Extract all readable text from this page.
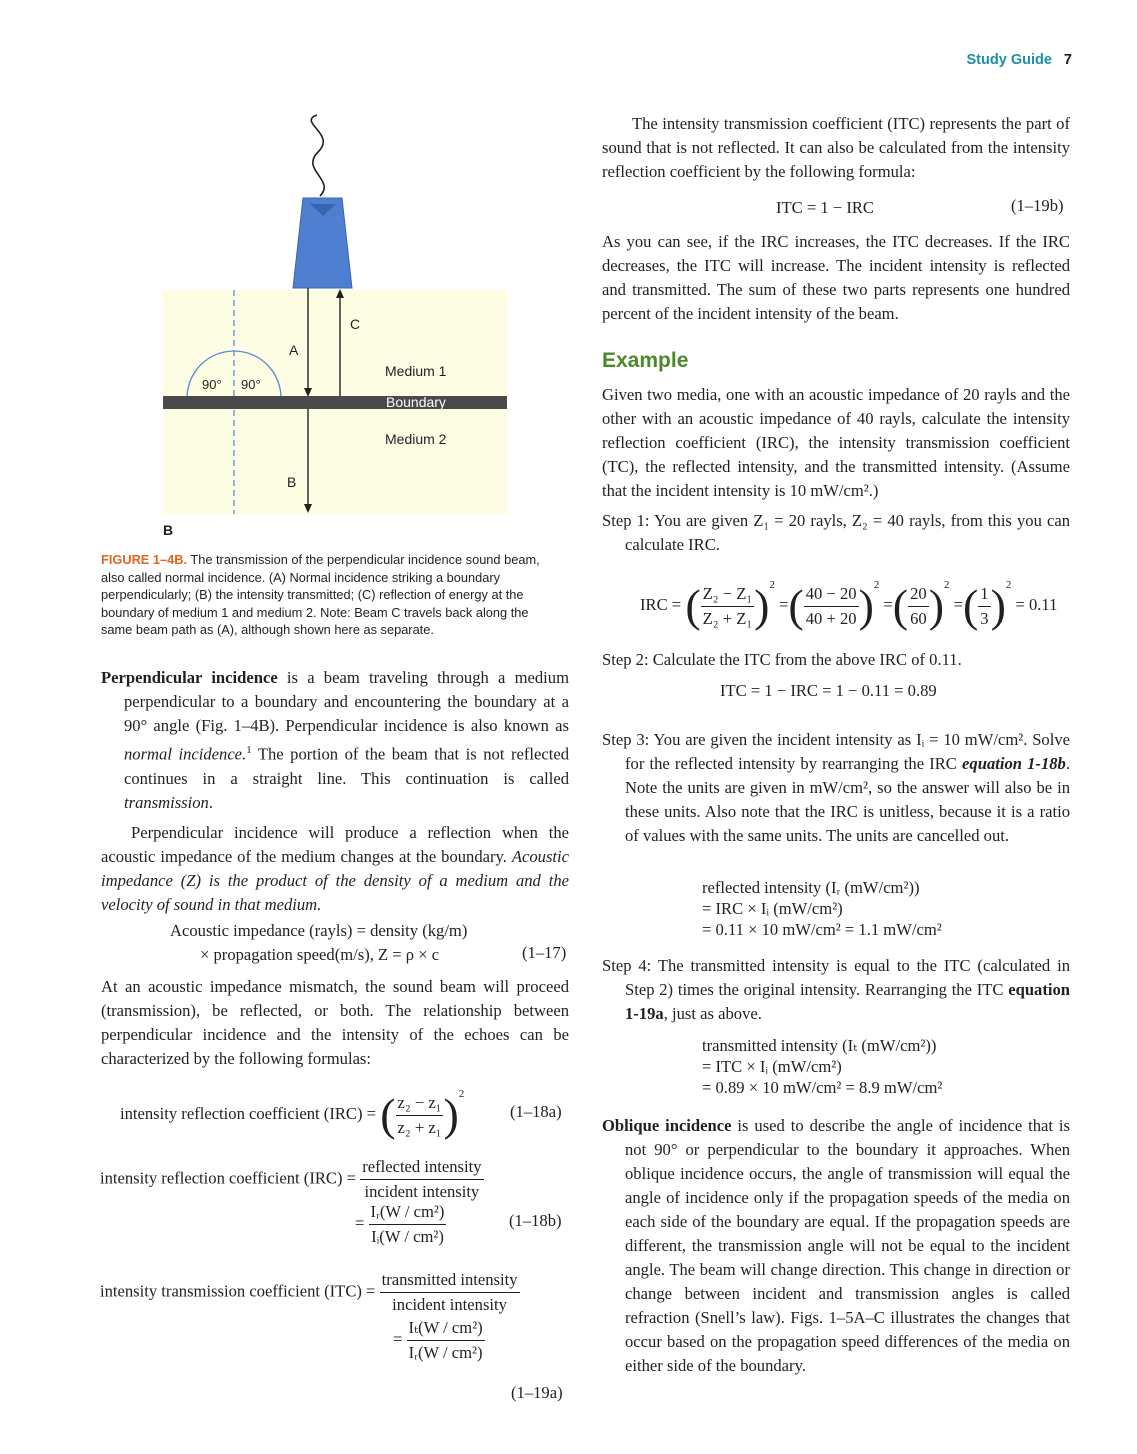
Study Guide 7
C
A
B
90° 90°
Medium 1
Boundary
Medium 2
B
FIGURE 1–4B. The transmission of the perpendicular incidence sound beam, also called normal incidence. (A) Normal incidence striking a boundary perpendicularly; (B) the intensity transmitted; (C) reflection of energy at the boundary of medium 1 and medium 2. Note: Beam C travels back along the same beam path as (A), although shown here as separate.

Perpendicular incidence is a beam traveling through a medium perpendicular to a boundary and encountering the boundary at a 90° angle (Fig. 1–4B). Perpendicular incidence is also known as normal incidence.$^1$ The portion of the beam that is not reflected continues in a straight line. This continuation is called transmission.

Perpendicular incidence will produce a reflection when the acoustic impedance of the medium changes at the boundary. Acoustic impedance (Z) is the product of the density of a medium and the velocity of sound in that medium.

Acoustic impedance (rayls) = density (kg/m)
× propagation speed(m/s), Z = ρ × c	(1–17)

At an acoustic impedance mismatch, the sound beam will proceed (transmission), be reflected, or both. The relationship between perpendicular incidence and the intensity of the echoes can be characterized by the following formulas:

intensity reflection coefficient (IRC) = ( $\frac{\text{z₂ − z₁}}{\text{z₂ + z₁}} )^2$
(1–18a)
intensity reflection coefficient $(IRC) = \frac{\text{reflected intensity}}{\text{incident intensity}}$
= $\frac{\text{Iᵣ(W / cm²)}}{\text{Iᵢ(W / cm²)}}$	(1–18b)
intensity transmission coefficient $(ITC) = \frac{\text{transmitted intensity}}{\text{incident intensity}}$
= $\frac{\text{Iₜ(W / cm²)}}{\text{Iᵣ(W / cm²)}}$
(1–19a)

The intensity transmission coefficient (ITC) represents the part of sound that is not reflected. It can also be calculated from the intensity reflection coefficient by the following formula:

ITC = 1 − IRC	(1–19b)

As you can see, if the IRC increases, the ITC decreases. If the IRC decreases, the ITC will increase. The incident intensity is reflected and transmitted. The sum of these two parts represents one hundred percent of the incident intensity of the beam.

Example

Given two media, one with an acoustic impedance of 20 rayls and the other with an acoustic impedance of 40 rayls, calculate the intensity reflection coefficient (IRC), the intensity transmission coefficient (TC), the reflected intensity, and the transmitted intensity. (Assume that the incident intensity is 10 mW/cm².)

Step 1: You are given Z₁ = 20 rayls, Z₂ = 40 rayls, from this you can calculate IRC.

IRC = ( $\frac{\text{Z₂ − Z₁}}{\text{Z₂ + Z₁}} )^2$ =( $\frac{40 - 20}{40 + 20} )^2$ =( $\frac{20}{60} )^2$ =( $\frac{1}{3} )^2 = 0.11$

Step 2: Calculate the ITC from the above IRC of 0.11.

ITC = 1 − IRC = 1 − 0.11 = 0.89

Step 3: You are given the incident intensity as Iᵢ = 10 mW/cm². Solve for the reflected intensity by rearranging the IRC equation 1-18b. Note the units are given in mW/cm², so the answer will also be in these units. Also note that the IRC is unitless, because it is a ratio of values with the same units. The units are cancelled out.

reflected intensity (Iᵣ (mW/cm²))
= IRC × Iᵢ (mW/cm²)
= 0.11 × 10 mW/cm² = 1.1 mW/cm²

Step 4: The transmitted intensity is equal to the ITC (calculated in Step 2) times the original intensity. Rearranging the ITC equation 1-19a, just as above.

transmitted intensity (Iₜ (mW/cm²))
= ITC × Iᵢ (mW/cm²)
= 0.89 × 10 mW/cm² = 8.9 mW/cm²

Oblique incidence is used to describe the angle of incidence that is not 90° or perpendicular to the boundary it approaches. When oblique incidence occurs, the angle of transmission will equal the angle of incidence only if the propagation speeds of the media on each side of the boundary are equal. If the propagation speeds are different, the transmission angle will not be equal to the incident angle. The beam will change direction. This change in direction or change between incident and transmission angles is called refraction (Snell’s law). Figs. 1–5A–C illustrates the changes that occur based on the propagation speed differences of the media on either side of the boundary.
